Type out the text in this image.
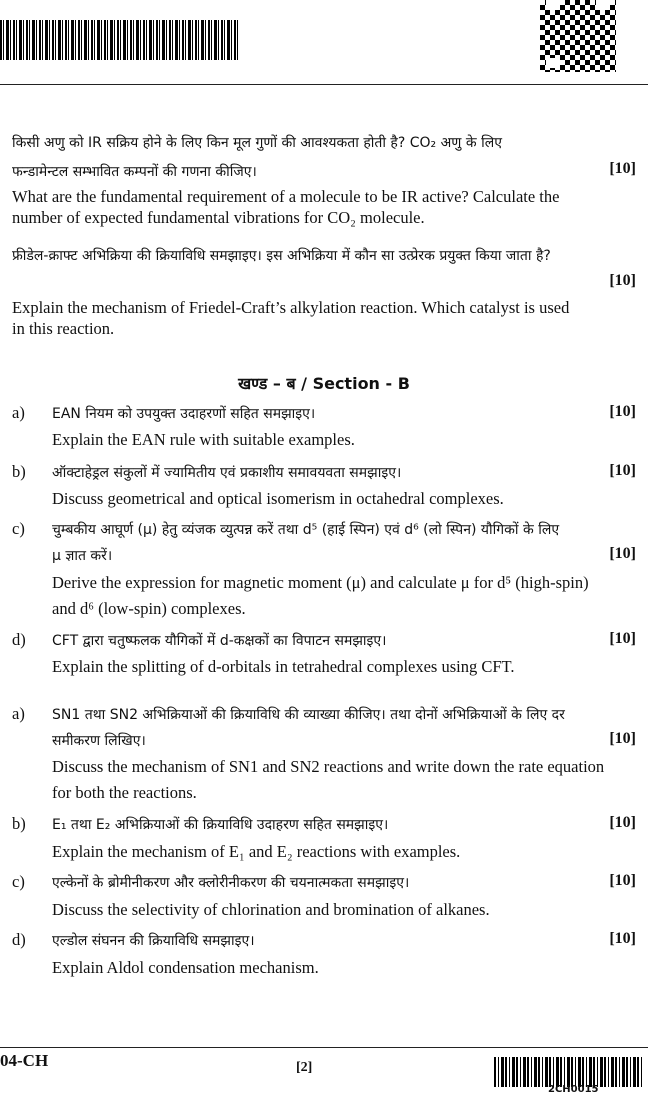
किसी अणु को IR सक्रिय होने के लिए किन मूल गुणों की आवश्यकता होती है? CO₂ अणु के लिए
फन्डामेन्टल सम्भावित कम्पनों की गणना कीजिए।	[10]
What are the fundamental requirement of a molecule to be IR active? Calculate the
number of expected fundamental vibrations for CO₂ molecule.
फ्रीडेल-क्राफ्ट अभिक्रिया की क्रियाविधि समझाइए। इस अभिक्रिया में कौन सा उत्प्रेरक प्रयुक्त किया जाता है?
[10]
Explain the mechanism of Friedel-Craft’s alkylation reaction. Which catalyst is used
in this reaction.
खण्ड – ब / Section - B
a) EAN नियम को उपयुक्त उदाहरणों सहित समझाइए।	[10]
Explain the EAN rule with suitable examples.
b) ऑक्टाहेड्रल संकुलों में ज्यामितीय एवं प्रकाशीय समावयवता समझाइए।	[10]
Discuss geometrical and optical isomerism in octahedral complexes.
c) चुम्बकीय आघूर्ण (μ) हेतु व्यंजक व्युत्पन्न करें तथा d⁵ (हाई स्पिन) एवं d⁶ (लो स्पिन) यौगिकों के लिए
μ ज्ञात करें।	[10]
Derive the expression for magnetic moment (μ) and calculate μ for d⁵ (high-spin)
and d⁶ (low-spin) complexes.
d) CFT द्वारा चतुष्फलक यौगिकों में d-कक्षकों का विपाटन समझाइए।	[10]
Explain the splitting of d-orbitals in tetrahedral complexes using CFT.
a) SN1 तथा SN2 अभिक्रियाओं की क्रियाविधि की व्याख्या कीजिए। तथा दोनों अभिक्रियाओं के लिए दर
समीकरण लिखिए।	[10]
Discuss the mechanism of SN1 and SN2 reactions and write down the rate equation
for both the reactions.
b) E₁ तथा E₂ अभिक्रियाओं की क्रियाविधि उदाहरण सहित समझाइए।	[10]
Explain the mechanism of E₁ and E₂ reactions with examples.
c) एल्केनों के ब्रोमीनीकरण और क्लोरीनीकरण की चयनात्मकता समझाइए।	[10]
Discuss the selectivity of chlorination and bromination of alkanes.
d) एल्डोल संघनन की क्रियाविधि समझाइए।	[10]
Explain Aldol condensation mechanism.
04-CH	[2]
2CH0015
